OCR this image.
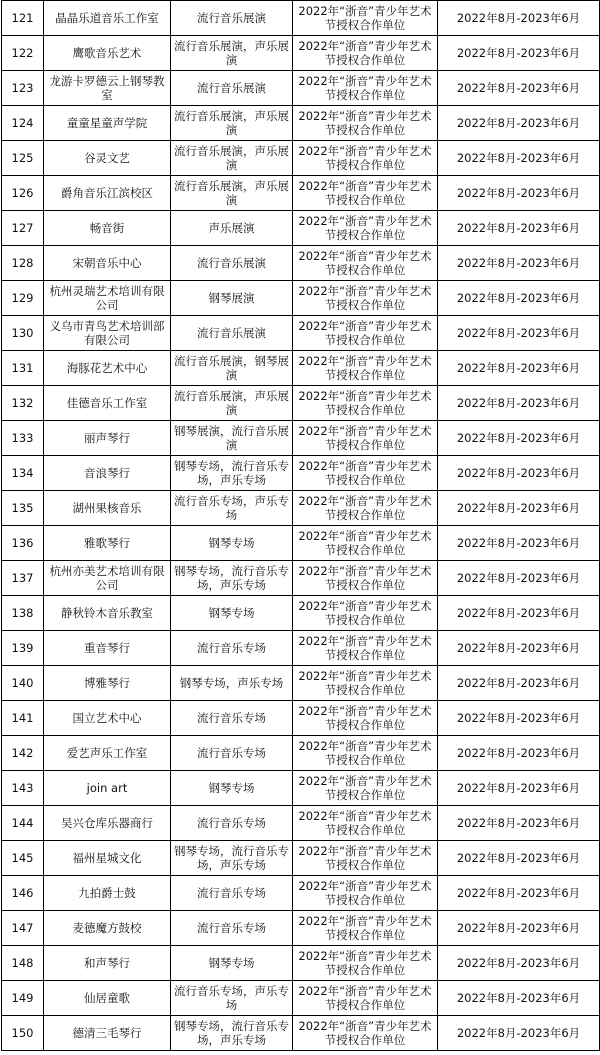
121	晶晶乐道音乐工作室	流行音乐展演	2022年“浙音”青少年艺术节授权合作单位	2022年8月-2023年6月
122	鹰歌音乐艺术	流行音乐展演，声乐展演	2022年“浙音”青少年艺术节授权合作单位	2022年8月-2023年6月
123	龙游卡罗德云上钢琴教室	流行音乐展演	2022年“浙音”青少年艺术节授权合作单位	2022年8月-2023年6月
124	童童星童声学院	流行音乐展演，声乐展演	2022年“浙音”青少年艺术节授权合作单位	2022年8月-2023年6月
125	谷灵文艺	流行音乐展演，声乐展演	2022年“浙音”青少年艺术节授权合作单位	2022年8月-2023年6月
126	爵角音乐江滨校区	流行音乐展演，声乐展演	2022年“浙音”青少年艺术节授权合作单位	2022年8月-2023年6月
127	畅音街	声乐展演	2022年“浙音”青少年艺术节授权合作单位	2022年8月-2023年6月
128	宋朝音乐中心	流行音乐展演	2022年“浙音”青少年艺术节授权合作单位	2022年8月-2023年6月
129	杭州灵瑞艺术培训有限公司	钢琴展演	2022年“浙音”青少年艺术节授权合作单位	2022年8月-2023年6月
130	义乌市青鸟艺术培训部有限公司	流行音乐展演	2022年“浙音”青少年艺术节授权合作单位	2022年8月-2023年6月
131	海豚花艺术中心	流行音乐展演，钢琴展演	2022年“浙音”青少年艺术节授权合作单位	2022年8月-2023年6月
132	佳德音乐工作室	流行音乐展演，声乐展演	2022年“浙音”青少年艺术节授权合作单位	2022年8月-2023年6月
133	丽声琴行	钢琴展演，流行音乐展演	2022年“浙音”青少年艺术节授权合作单位	2022年8月-2023年6月
134	音浪琴行	钢琴专场，流行音乐专场，声乐专场	2022年“浙音”青少年艺术节授权合作单位	2022年8月-2023年6月
135	湖州果核音乐	流行音乐专场，声乐专场	2022年“浙音”青少年艺术节授权合作单位	2022年8月-2023年6月
136	雅歌琴行	钢琴专场	2022年“浙音”青少年艺术节授权合作单位	2022年8月-2023年6月
137	杭州亦美艺术培训有限公司	钢琴专场，流行音乐专场，声乐专场	2022年“浙音”青少年艺术节授权合作单位	2022年8月-2023年6月
138	静秋铃木音乐教室	钢琴专场	2022年“浙音”青少年艺术节授权合作单位	2022年8月-2023年6月
139	重音琴行	流行音乐专场	2022年“浙音”青少年艺术节授权合作单位	2022年8月-2023年6月
140	博雅琴行	钢琴专场，声乐专场	2022年“浙音”青少年艺术节授权合作单位	2022年8月-2023年6月
141	国立艺术中心	流行音乐专场	2022年“浙音”青少年艺术节授权合作单位	2022年8月-2023年6月
142	爱艺声乐工作室	流行音乐专场	2022年“浙音”青少年艺术节授权合作单位	2022年8月-2023年6月
143	join art	钢琴专场	2022年“浙音”青少年艺术节授权合作单位	2022年8月-2023年6月
144	吴兴仓库乐器商行	流行音乐专场	2022年“浙音”青少年艺术节授权合作单位	2022年8月-2023年6月
145	福州星城文化	钢琴专场，流行音乐专场，声乐专场	2022年“浙音”青少年艺术节授权合作单位	2022年8月-2023年6月
146	九拍爵士鼓	流行音乐专场	2022年“浙音”青少年艺术节授权合作单位	2022年8月-2023年6月
147	麦德魔方鼓校	流行音乐专场	2022年“浙音”青少年艺术节授权合作单位	2022年8月-2023年6月
148	和声琴行	钢琴专场	2022年“浙音”青少年艺术节授权合作单位	2022年8月-2023年6月
149	仙居童歌	流行音乐专场，声乐专场	2022年“浙音”青少年艺术节授权合作单位	2022年8月-2023年6月
150	德清三毛琴行	钢琴专场，流行音乐专场，声乐专场	2022年“浙音”青少年艺术节授权合作单位	2022年8月-2023年6月
